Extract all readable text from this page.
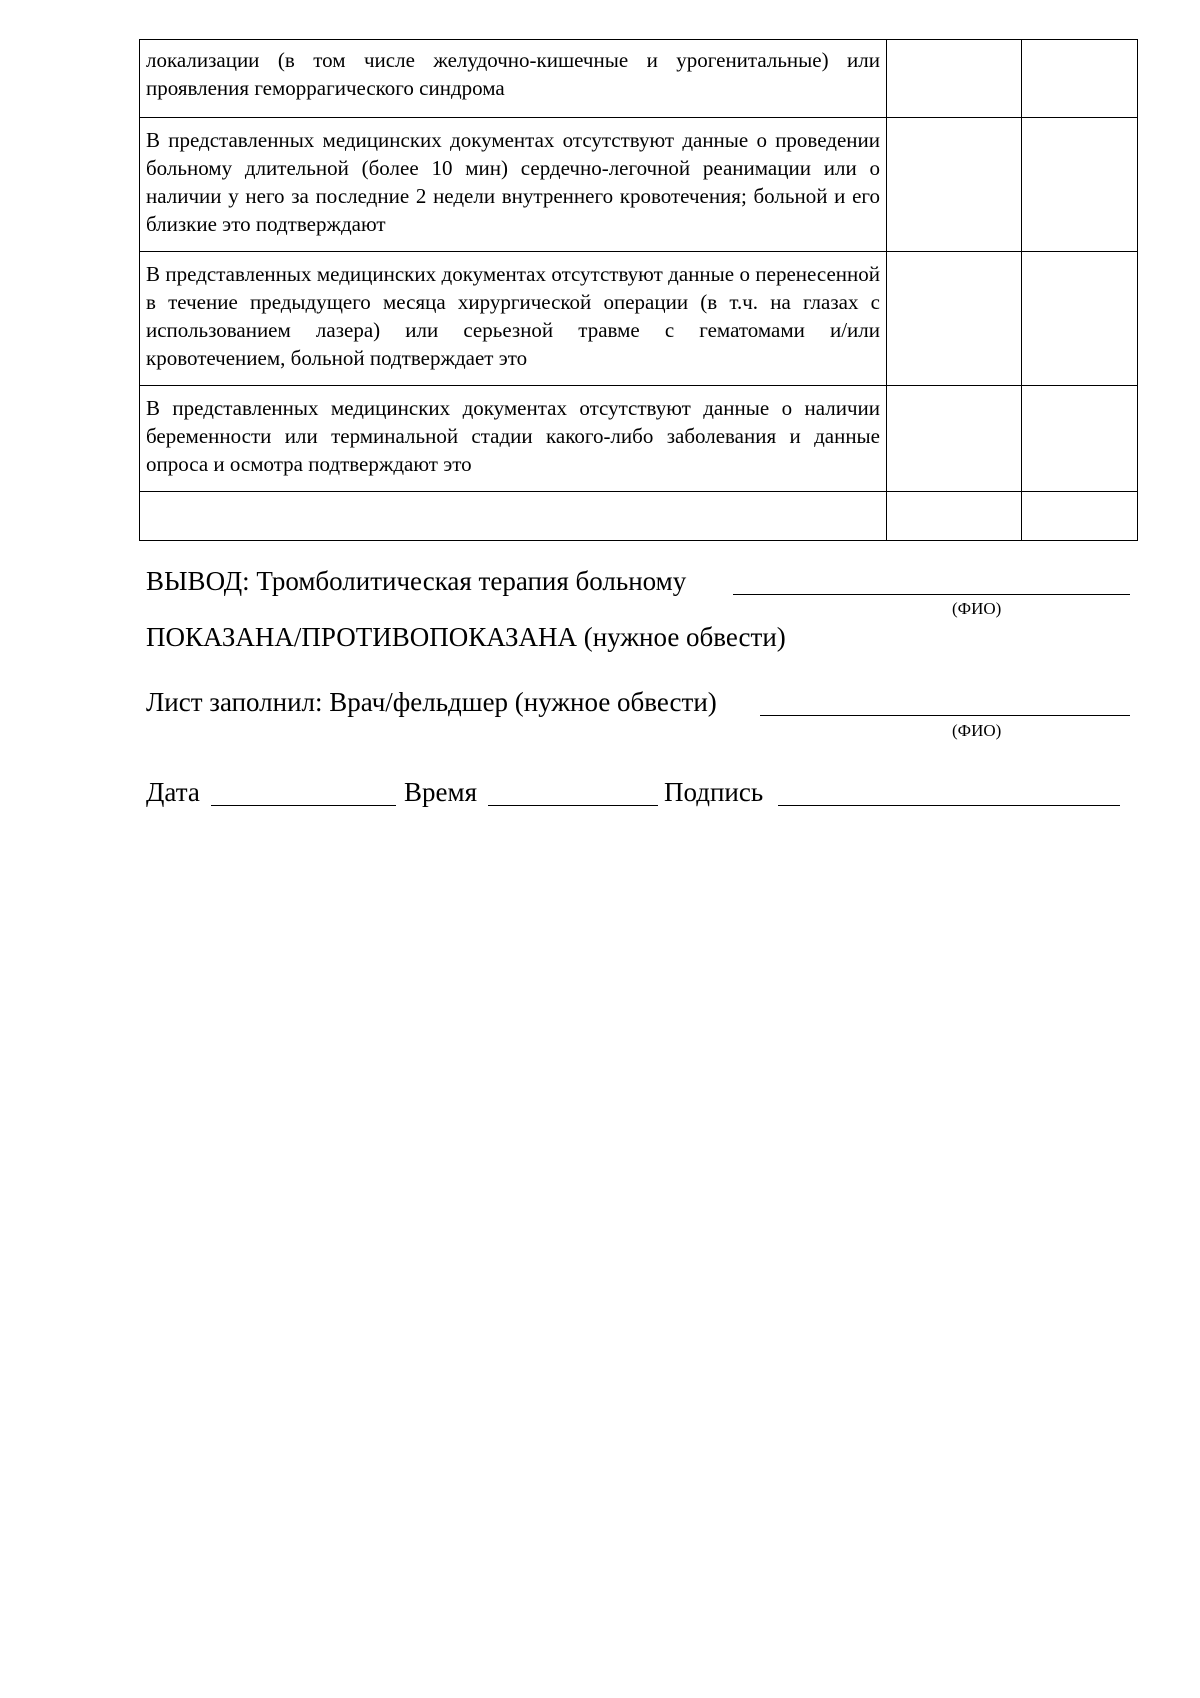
локализации (в том числе желудочно-кишечные и урогенитальные) или проявления геморрагического синдрома		

В представленных медицинских документах отсутствуют данные о проведении больному длительной (более 10 мин) сердечно-легочной реанимации или о наличии у него за последние 2 недели внутреннего кровотечения; больной и его близкие это подтверждают		

В представленных медицинских документах отсутствуют данные о перенесенной в течение предыдущего месяца хирургической операции (в т.ч. на глазах с использованием лазера) или серьезной травме с гематомами и/или кровотечением, больной подтверждает это		

В представленных медицинских документах отсутствуют данные о наличии беременности или терминальной стадии какого-либо заболевания и данные опроса и осмотра подтверждают это		

ВЫВОД: Тромболитическая терапия больному
(ФИО)
ПОКАЗАНА/ПРОТИВОПОКАЗАНА (нужное обвести)
Лист заполнил: Врач/фельдшер (нужное обвести)
(ФИО)
Дата	Время	Подпись
